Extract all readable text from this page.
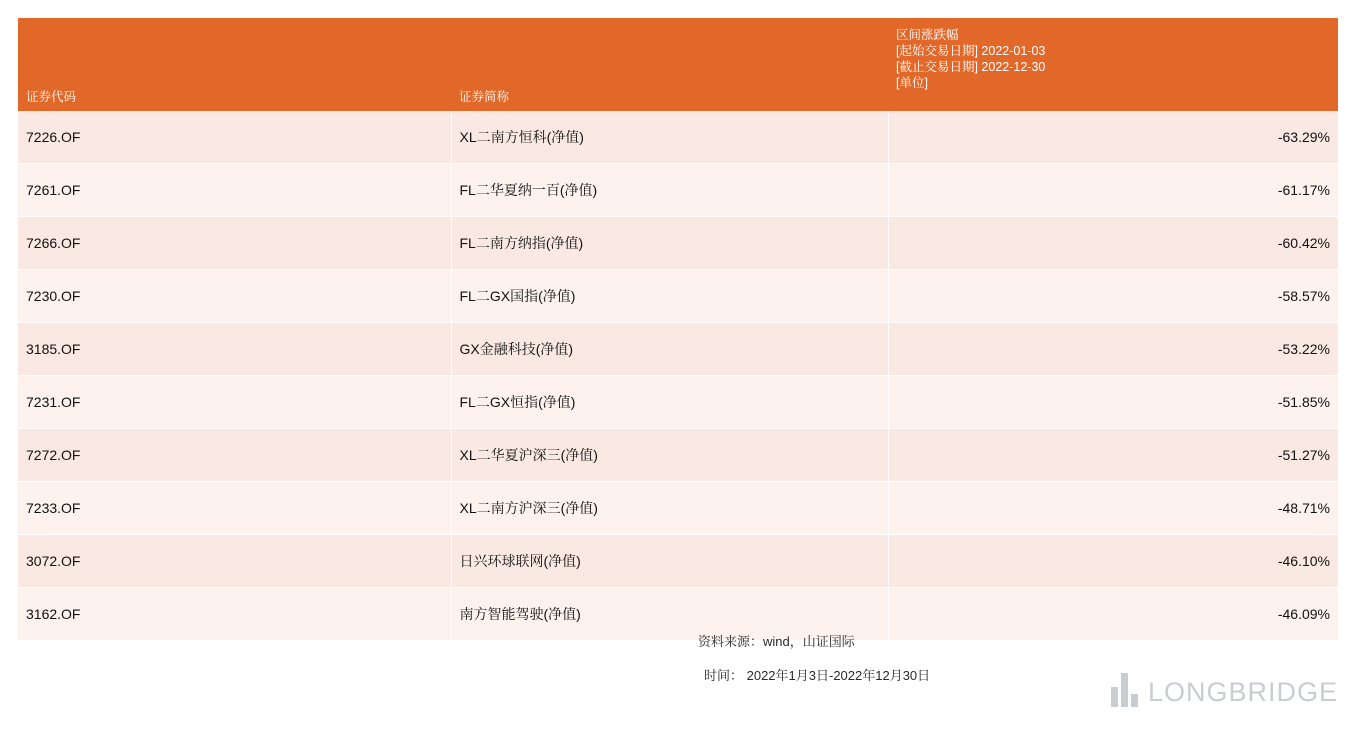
证券代码	证券简称	区间涨跌幅
[起始交易日期] 2022-01-03
[截止交易日期] 2022-12-30
[单位]

7226.OF	XL二南方恒科(净值)	-63.29%
7261.OF	FL二华夏纳一百(净值)	-61.17%
7266.OF	FL二南方纳指(净值)	-60.42%
7230.OF	FL二GX国指(净值)	-58.57%
3185.OF	GX金融科技(净值)	-53.22%
7231.OF	FL二GX恒指(净值)	-51.85%
7272.OF	XL二华夏沪深三(净值)	-51.27%
7233.OF	XL二南方沪深三(净值)	-48.71%
3072.OF	日兴环球联网(净值)	-46.10%
3162.OF	南方智能驾驶(净值)	-46.09%
资料来源：wind，山证国际
时间： 2022年1月3日-2022年12月30日
LONGBRIDGE
